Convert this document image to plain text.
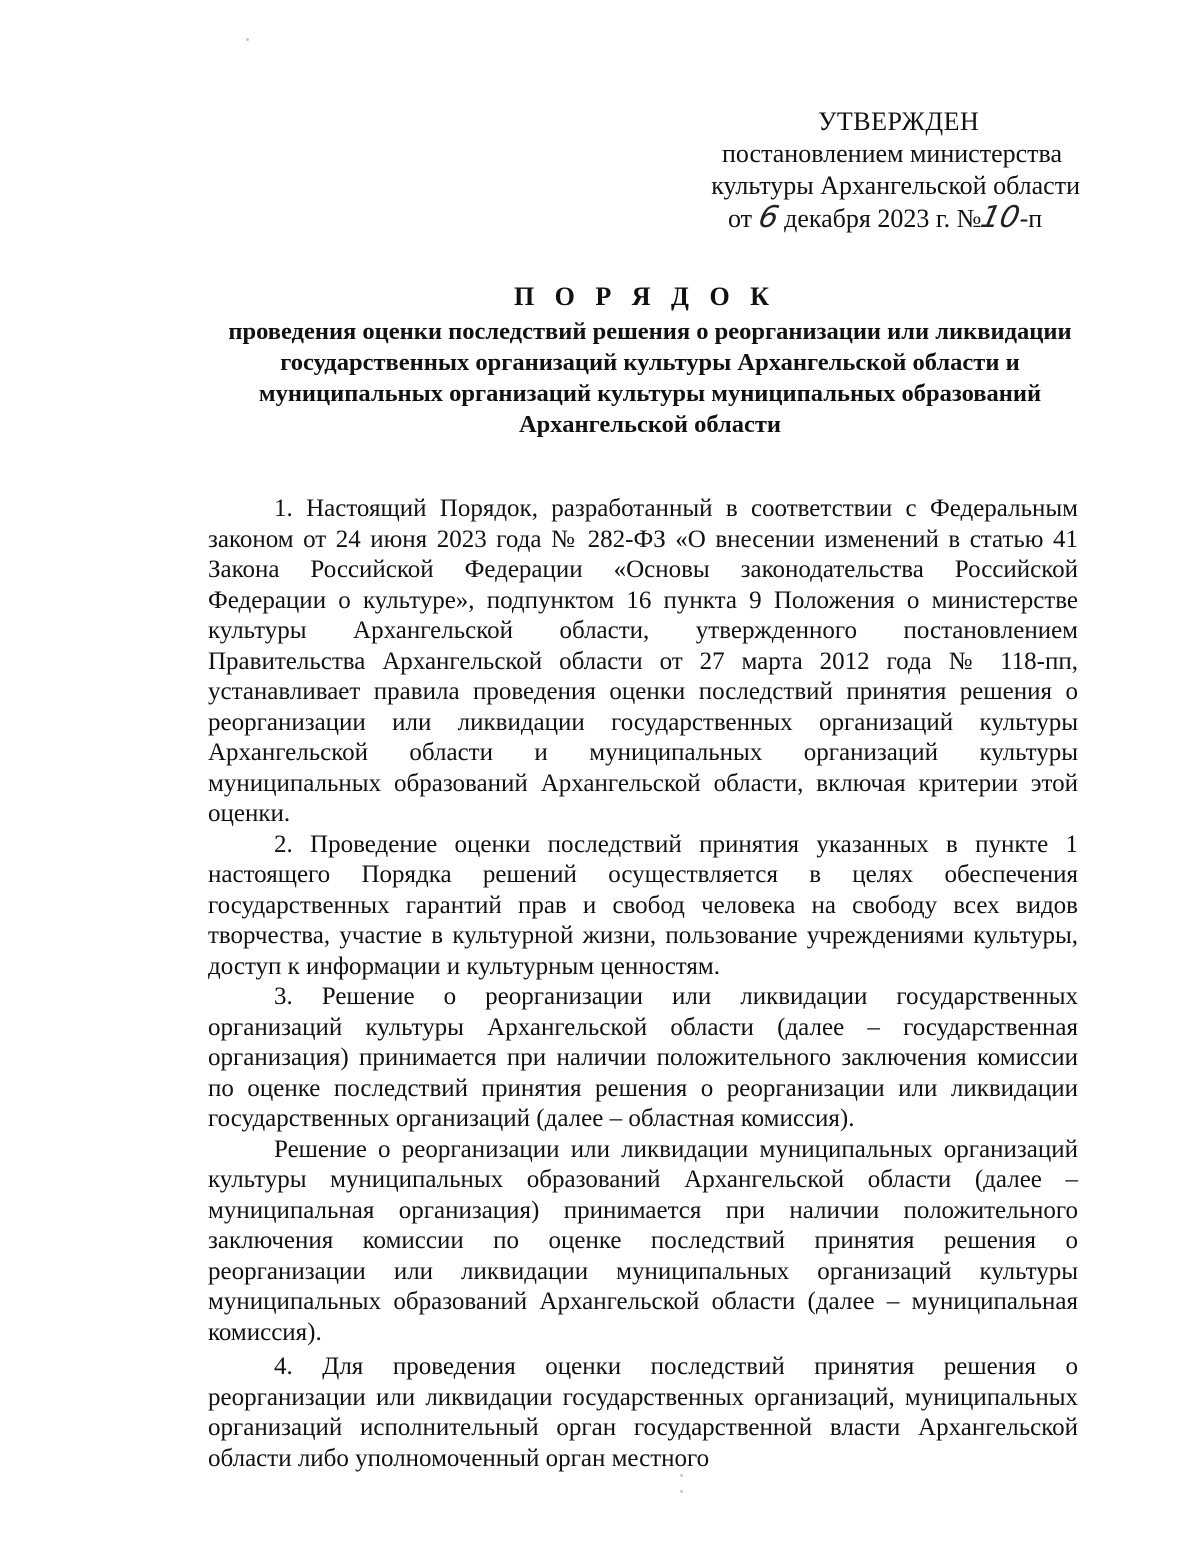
УТВЕРЖДЕН
постановлением министерства
культуры Архангельской области
от 6 декабря 2023 г. №10-п
П О Р Я Д О К
проведения оценки последствий решения о реорганизации или ликвидации государственных организаций культуры Архангельской области и муниципальных организаций культуры муниципальных образований Архангельской области

1. Настоящий Порядок, разработанный в соответствии с Федеральным законом от 24 июня 2023 года № 282-ФЗ «О внесении изменений в статью 41 Закона Российской Федерации «Основы законодательства Российской Федерации о культуре», подпунктом 16 пункта 9 Положения о министерстве культуры Архангельской области, утвержденного постановлением Правительства Архангельской области от 27 марта 2012 года № 118-пп, устанавливает правила проведения оценки последствий принятия решения о реорганизации или ликвидации государственных организаций культуры Архангельской области и муниципальных организаций культуры муниципальных образований Архангельской области, включая критерии этой оценки.

2. Проведение оценки последствий принятия указанных в пункте 1 настоящего Порядка решений осуществляется в целях обеспечения государственных гарантий прав и свобод человека на свободу всех видов творчества, участие в культурной жизни, пользование учреждениями культуры, доступ к информации и культурным ценностям.

3. Решение о реорганизации или ликвидации государственных организаций культуры Архангельской области (далее – государственная организация) принимается при наличии положительного заключения комиссии по оценке последствий принятия решения о реорганизации или ликвидации государственных организаций (далее – областная комиссия).

Решение о реорганизации или ликвидации муниципальных организаций культуры муниципальных образований Архангельской области (далее – муниципальная организация) принимается при наличии положительного заключения комиссии по оценке последствий принятия решения о реорганизации или ликвидации муниципальных организаций культуры муниципальных образований Архангельской области (далее – муниципальная комиссия).

4. Для проведения оценки последствий принятия решения о реорганизации или ликвидации государственных организаций, муниципальных организаций исполнительный орган государственной власти Архангельской области либо уполномоченный орган местного
